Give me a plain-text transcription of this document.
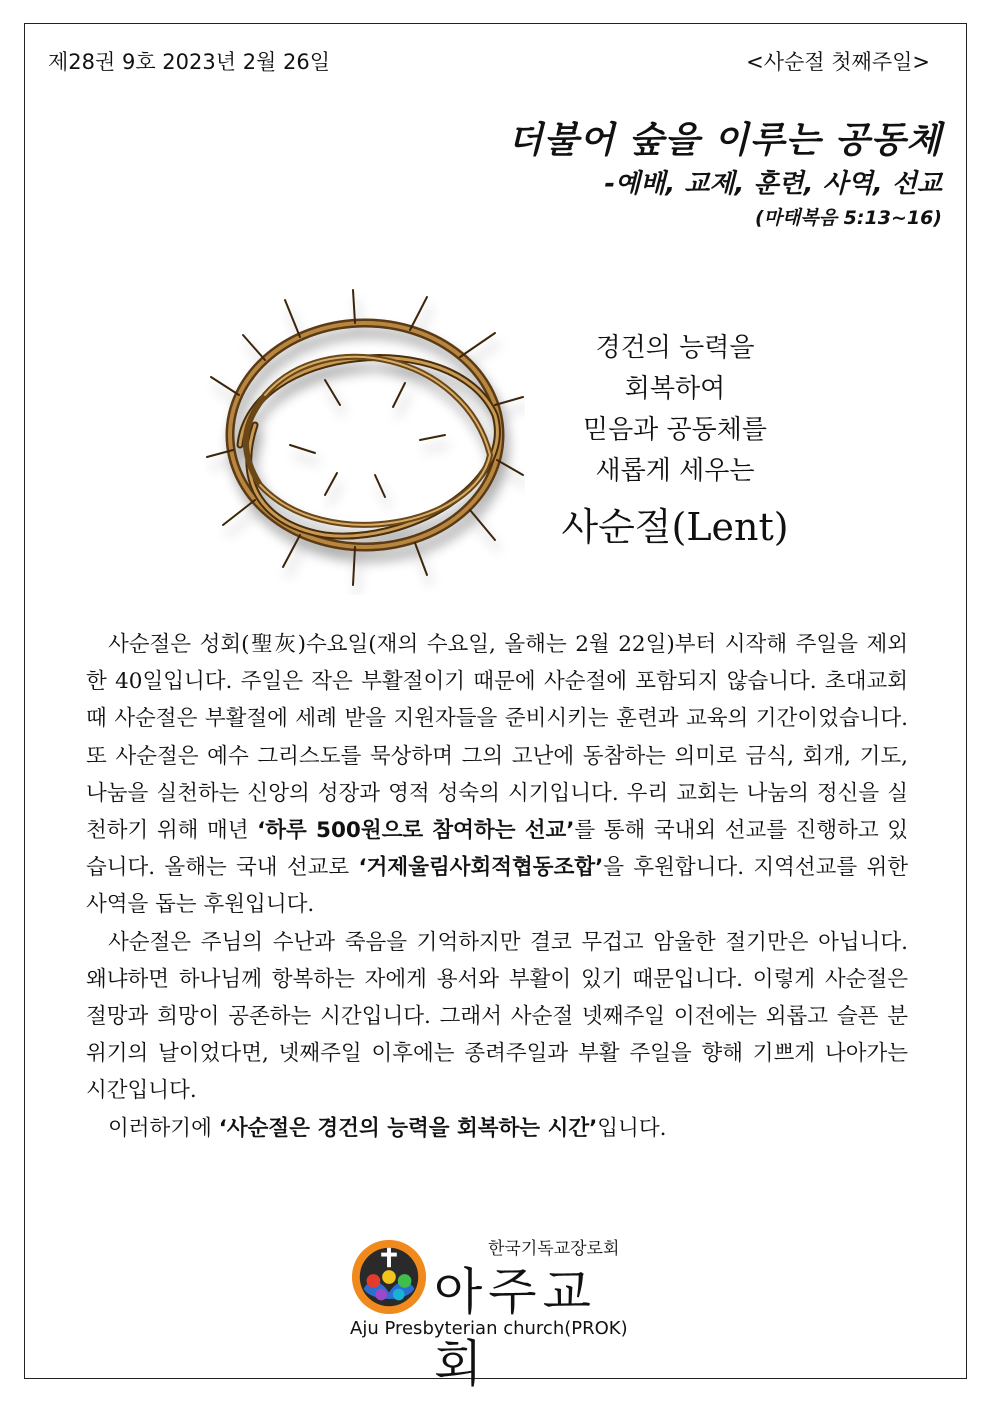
제28권 9호 2023년 2월 26일	<사순절 첫째주일>
더불어 숲을 이루는 공동체
-예배, 교제, 훈련, 사역, 선교
(마태복음 5:13~16)
경건의 능력을
회복하여
믿음과 공동체를
새롭게 세우는
사순절(Lent)

사순절은 성회(聖灰)수요일(재의 수요일, 올해는 2월 22일)부터 시작해 주일을 제외한 40일입니다. 주일은 작은 부활절이기 때문에 사순절에 포함되지 않습니다. 초대교회 때 사순절은 부활절에 세례 받을 지원자들을 준비시키는 훈련과 교육의 기간이었습니다. 또 사순절은 예수 그리스도를 묵상하며 그의 고난에 동참하는 의미로 금식, 회개, 기도, 나눔을 실천하는 신앙의 성장과 영적 성숙의 시기입니다. 우리 교회는 나눔의 정신을 실천하기 위해 매년 ‘하루 500원으로 참여하는 선교’를 통해 국내외 선교를 진행하고 있습니다. 올해는 국내 선교로 ‘거제울림사회적협동조합’을 후원합니다. 지역선교를 위한 사역을 돕는 후원입니다.

사순절은 주님의 수난과 죽음을 기억하지만 결코 무겁고 암울한 절기만은 아닙니다. 왜냐하면 하나님께 항복하는 자에게 용서와 부활이 있기 때문입니다. 이렇게 사순절은 절망과 희망이 공존하는 시간입니다. 그래서 사순절 넷째주일 이전에는 외롭고 슬픈 분위기의 날이었다면, 넷째주일 이후에는 종려주일과 부활 주일을 향해 기쁘게 나아가는 시간입니다.

이러하기에 ‘사순절은 경건의 능력을 회복하는 시간’입니다.

한국기독교장로회
아주교회
Aju Presbyterian church(PROK)
